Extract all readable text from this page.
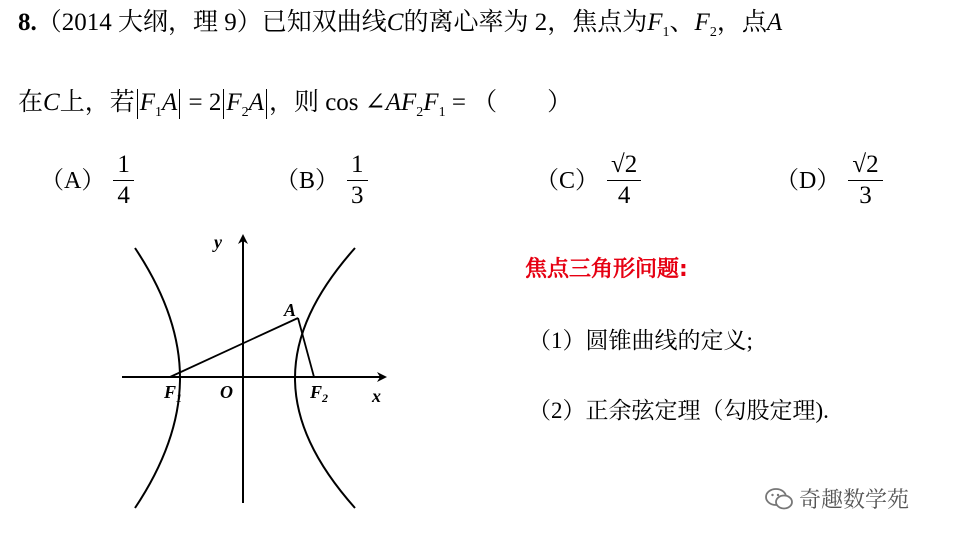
8.（2014 大纲，理 9）已知双曲线C的离心率为 2，焦点为$F_1$、$F_2$，点A
在C上，若 $F_1A = 2$ $F_2A$ ，则 $\cos \angle AF_2F_1$ = （　　）
$(A) \frac{1}{4}$	$(B) \frac{1}{3}$	$(C) \frac{√2}{4}$	$(D) \frac{√2}{3}$
y
x
O
A
$F_1$	$F_2$
焦点三角形问题:
（1）圆锥曲线的定义;
（2）正余弦定理（勾股定理).
奇趣数学苑
